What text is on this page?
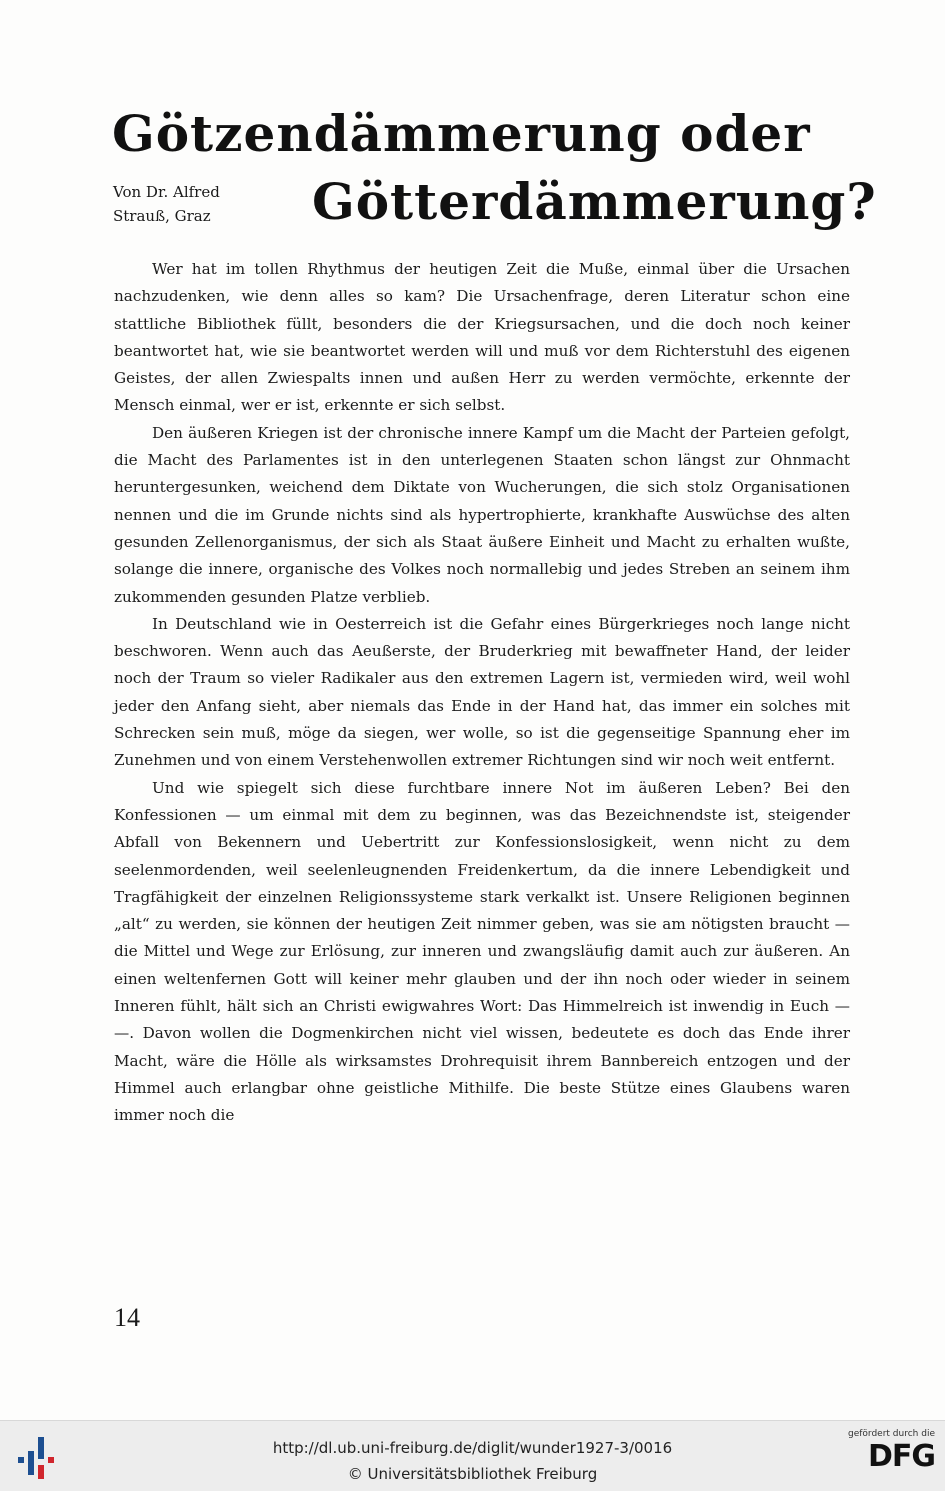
Götzendämmerung oder
Von Dr. Alfred
Strauß, Graz	Götterdämmerung?

Wer hat im tollen Rhythmus der heutigen Zeit die Muße, einmal über die Ursachen nachzudenken, wie denn alles so kam? Die Ursachenfrage, deren Literatur schon eine stattliche Bibliothek füllt, besonders die der Kriegsursachen, und die doch noch keiner beantwortet hat, wie sie beantwortet werden will und muß vor dem Richterstuhl des eigenen Geistes, der allen Zwiespalts innen und außen Herr zu werden vermöchte, erkennte der Mensch einmal, wer er ist, erkennte er sich selbst.

Den äußeren Kriegen ist der chronische innere Kampf um die Macht der Parteien gefolgt, die Macht des Parlamentes ist in den unterlegenen Staaten schon längst zur Ohnmacht heruntergesunken, weichend dem Diktate von Wucherungen, die sich stolz Organisationen nennen und die im Grunde nichts sind als hypertrophierte, krankhafte Auswüchse des alten gesunden Zellenorganismus, der sich als Staat äußere Einheit und Macht zu erhalten wußte, solange die innere, organische des Volkes noch normallebig und jedes Streben an seinem ihm zukommenden gesunden Platze verblieb.

In Deutschland wie in Oesterreich ist die Gefahr eines Bürgerkrieges noch lange nicht beschworen. Wenn auch das Aeußerste, der Bruderkrieg mit bewaffneter Hand, der leider noch der Traum so vieler Radikaler aus den extremen Lagern ist, vermieden wird, weil wohl jeder den Anfang sieht, aber niemals das Ende in der Hand hat, das immer ein solches mit Schrecken sein muß, möge da siegen, wer wolle, so ist die gegenseitige Spannung eher im Zunehmen und von einem Verstehenwollen extremer Richtungen sind wir noch weit entfernt.

Und wie spiegelt sich diese furchtbare innere Not im äußeren Leben? Bei den Konfessionen — um einmal mit dem zu beginnen, was das Bezeichnendste ist, steigender Abfall von Bekennern und Uebertritt zur Konfessionslosigkeit, wenn nicht zu dem seelenmordenden, weil seelenleugnenden Freidenkertum, da die innere Lebendigkeit und Tragfähigkeit der einzelnen Religionssysteme stark verkalkt ist. Unsere Religionen beginnen „alt“ zu werden, sie können der heutigen Zeit nimmer geben, was sie am nötigsten braucht — die Mittel und Wege zur Erlösung, zur inneren und zwangsläufig damit auch zur äußeren. An einen weltenfernen Gott will keiner mehr glauben und der ihn noch oder wieder in seinem Inneren fühlt, hält sich an Christi ewigwahres Wort: Das Himmelreich ist inwendig in Euch — —. Davon wollen die Dogmenkirchen nicht viel wissen, bedeutete es doch das Ende ihrer Macht, wäre die Hölle als wirksamstes Drohrequisit ihrem Bannbereich entzogen und der Himmel auch erlangbar ohne geistliche Mithilfe. Die beste Stütze eines Glaubens waren immer noch die

14
http://dl.ub.uni-freiburg.de/diglit/wunder1927-3/0016
© Universitätsbibliothek Freiburg
gefördert durch die
DFG
